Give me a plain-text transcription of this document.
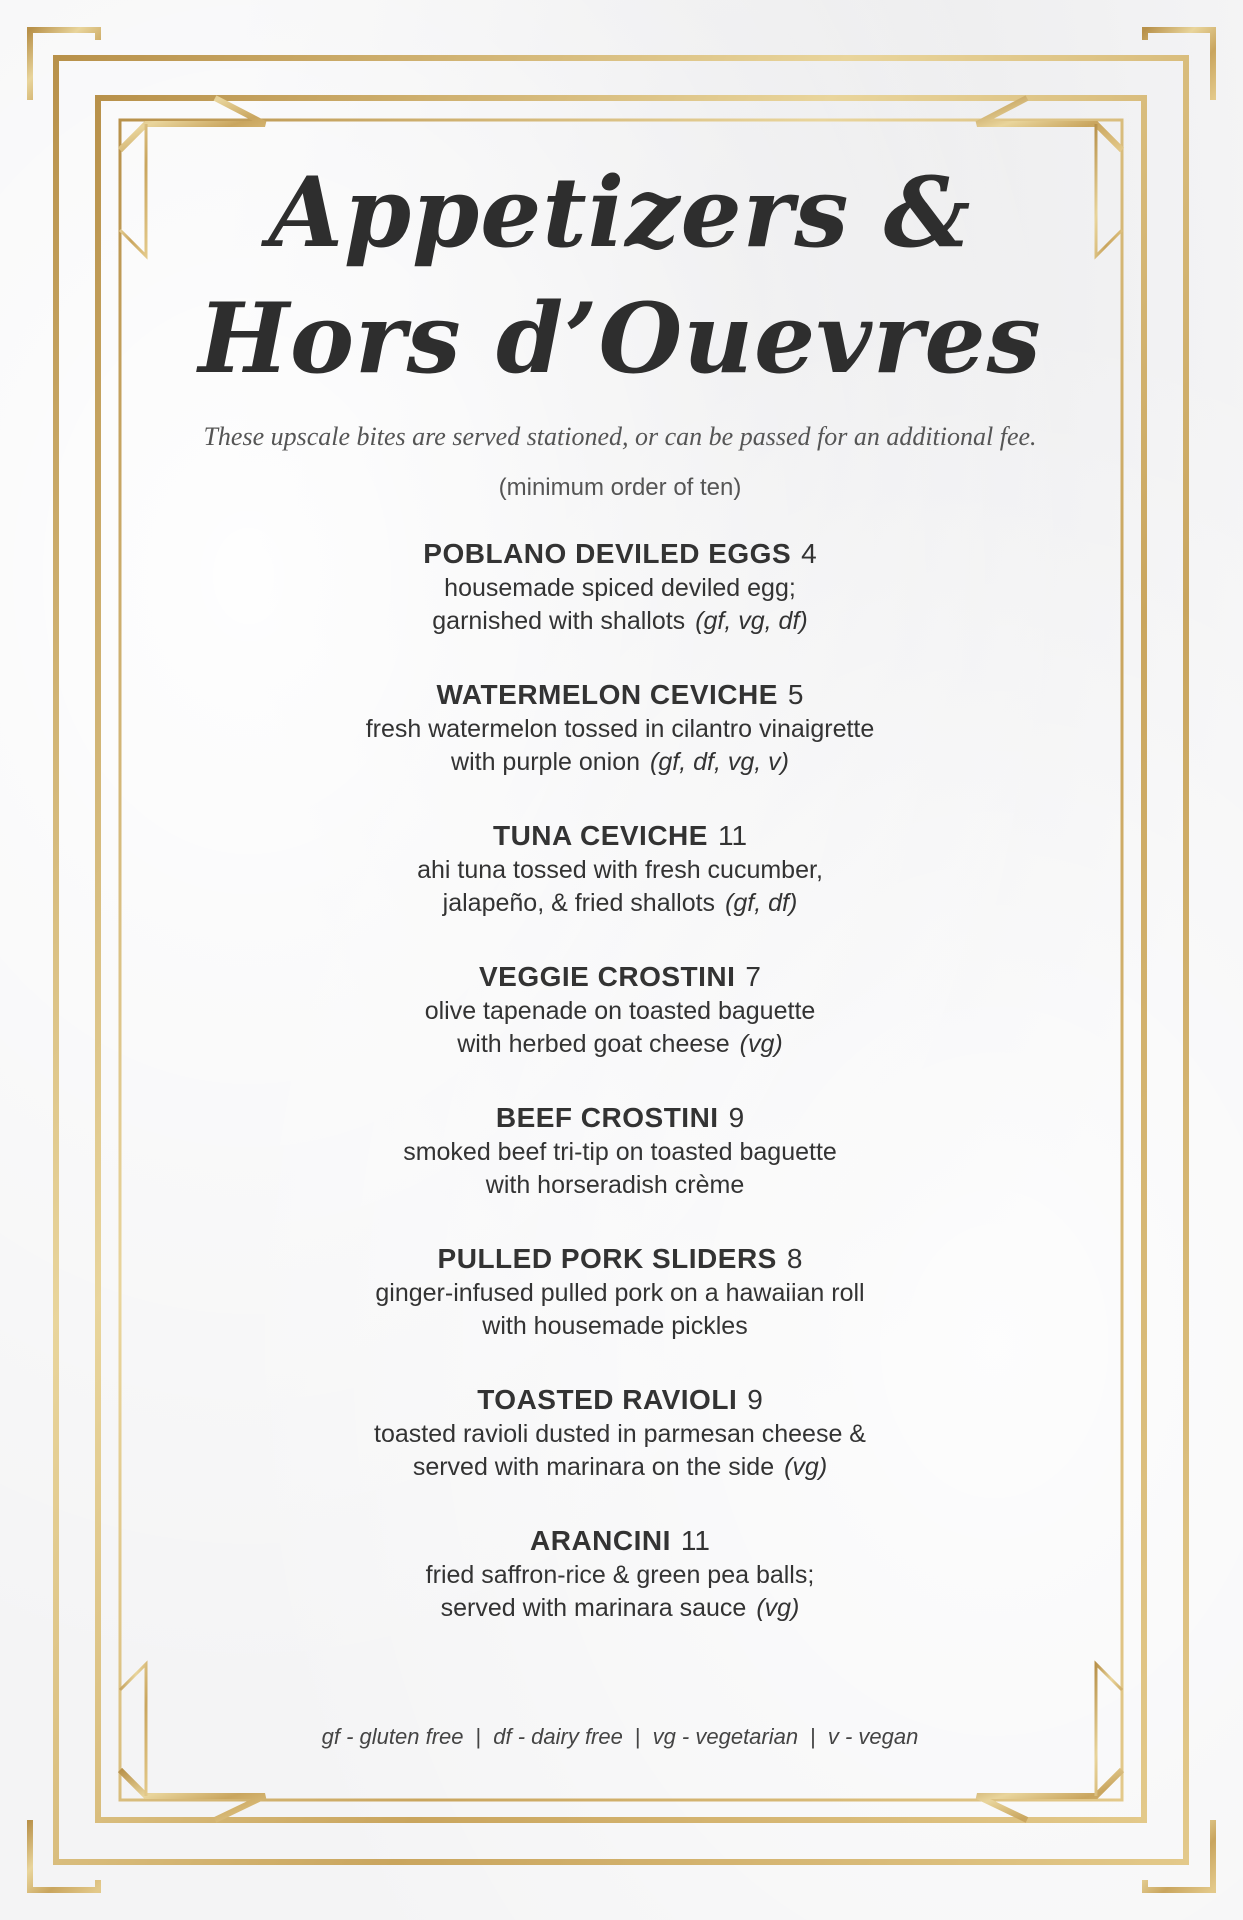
Appetizers &
Hors d’Ouevres
These upscale bites are served stationed, or can be passed for an additional fee.
(minimum order of ten)
POBLANO DEVILED EGGS 4
housemade spiced deviled egg;
garnished with shallots (gf, vg, df)
WATERMELON CEVICHE 5
fresh watermelon tossed in cilantro vinaigrette
with purple onion (gf, df, vg, v)
TUNA CEVICHE 11
ahi tuna tossed with fresh cucumber,
jalapeño, & fried shallots (gf, df)
VEGGIE CROSTINI 7
olive tapenade on toasted baguette
with herbed goat cheese (vg)
BEEF CROSTINI 9
smoked beef tri-tip on toasted baguette
with horseradish crème
PULLED PORK SLIDERS 8
ginger-infused pulled pork on a hawaiian roll
with housemade pickles
TOASTED RAVIOLI 9
toasted ravioli dusted in parmesan cheese &
served with marinara on the side (vg)
ARANCINI 11
fried saffron-rice & green pea balls;
served with marinara sauce (vg)
gf - gluten free | df - dairy free | vg - vegetarian | v - vegan
